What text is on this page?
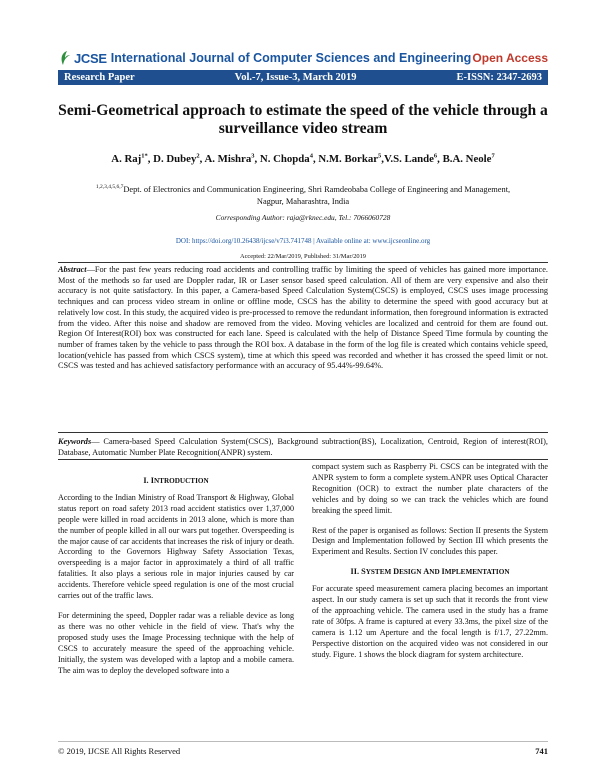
JCSE International Journal of Computer Sciences and Engineering Open Access
Research Paper	Vol.-7, Issue-3, March 2019	E-ISSN: 2347-2693
Semi-Geometrical approach to estimate the speed of the vehicle through a surveillance video stream
A. Raj$^{1*}$, D. Dubey$^2$, A. Mishra$^3$, N. Chopda$^4$, N.M. Borkar$^5$,V.S. Lande$^6$, B.A. Neole$^7$
$^{1,2,3,4,5,6,7}$Dept. of Electronics and Communication Engineering, Shri Ramdeobaba College of Engineering and Management,
Nagpur, Maharashtra, India
Corresponding Author: raja@rknec.edu, Tel.: 7066060728
DOI: https://doi.org/10.26438/ijcse/v7i3.741748 | Available online at: www.ijcseonline.org
Accepted: 22/Mar/2019, Published: 31/Mar/2019
Abstract—For the past few years reducing road accidents and controlling traffic by limiting the speed of vehicles has gained more importance. Most of the methods so far used are Doppler radar, IR or Laser sensor based speed calculation. All of them are very expensive and also their accuracy is not quite satisfactory. In this paper, a Camera-based Speed Calculation System(CSCS) is employed, CSCS uses image processing techniques and can process video stream in online or offline mode, CSCS has the ability to determine the speed with good accuracy but at relatively low cost. In this study, the acquired video is pre-processed to remove the redundant information, then foreground information is extracted from the video. After this noise and shadow are removed from the video. Moving vehicles are localized and centroid for them are found out. Region Of Interest(ROI) box was constructed for each lane. Speed is calculated with the help of Distance Speed Time formula by counting the number of frames taken by the vehicle to pass through the ROI box. A database in the form of the log file is created which contains vehicle speed, location(vehicle has passed from which CSCS system), time at which this speed was recorded and whether it has crossed the speed limit or not. CSCS was tested and has achieved satisfactory performance with an accuracy of 95.44%-99.64%.
Keywords— Camera-based Speed Calculation System(CSCS), Background subtraction(BS), Localization, Centroid, Region of interest(ROI), Database, Automatic Number Plate Recognition(ANPR) system.
I. INTRODUCTION

According to the Indian Ministry of Road Transport & Highway, Global status report on road safety 2013 road accident statistics over 1,37,000 people were killed in road accidents in 2013 alone, which is more than the number of people killed in all our wars put together. Overspeeding is the major cause of car accidents that increases the risk of injury or death. According to the Governors Highway Safety Association Texas, overspeeding is a major factor in approximately a third of all traffic fatalities. It also plays a serious role in major injuries caused by car accidents. Therefore vehicle speed regulation is one of the most crucial carries out of the traffic laws.

For determining the speed, Doppler radar was a reliable device as long as there was no other vehicle in the field of view. That's why the proposed study uses the Image Processing technique with the help of CSCS to accurately measure the speed of the approaching vehicle. Initially, the system was developed with a laptop and a mobile camera. The aim was to deploy the developed software into a

compact system such as Raspberry Pi. CSCS can be integrated with the ANPR system to form a complete system.ANPR uses Optical Character Recognition (OCR) to extract the number plate characters of the vehicles and by doing so we can track the vehicles which are found breaking the speed limit.

Rest of the paper is organised as follows: Section II presents the System Design and Implementation followed by Section III which presents the Experiment and Results. Section IV concludes this paper.

II. SYSTEM DESIGN AND IMPLEMENTATION

For accurate speed measurement camera placing becomes an important aspect. In our study camera is set up such that it records the front view of the approaching vehicle. The camera used in the study has a frame rate of 30fps. A frame is captured at every 33.3ms, the pixel size of the camera is 1.12 um Aperture and the focal length is f/1.7, 27.22mm. Perspective distortion on the acquired video was not considered in our study. Figure. 1 shows the block diagram for system architecture.

© 2019, IJCSE All Rights Reserved	741
